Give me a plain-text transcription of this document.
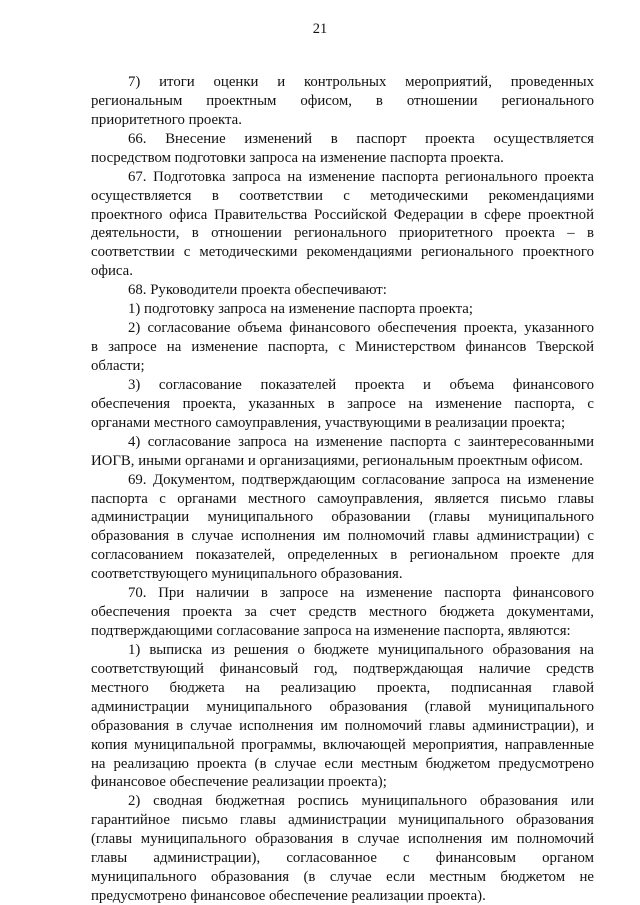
21
7) итоги оценки и контрольных мероприятий, проведенных
региональным проектным офисом, в отношении регионального
приоритетного проекта.
66. Внесение изменений в паспорт проекта осуществляется
посредством подготовки запроса на изменение паспорта проекта.
67. Подготовка запроса на изменение паспорта регионального проекта
осуществляется в соответствии с методическими рекомендациями
проектного офиса Правительства Российской Федерации в сфере проектной
деятельности, в отношении регионального приоритетного проекта – в
соответствии с методическими рекомендациями регионального проектного
офиса.
68. Руководители проекта обеспечивают:
1) подготовку запроса на изменение паспорта проекта;
2) согласование объема финансового обеспечения проекта, указанного
в запросе на изменение паспорта, с Министерством финансов Тверской
области;
3) согласование показателей проекта и объема финансового
обеспечения проекта, указанных в запросе на изменение паспорта, с
органами местного самоуправления, участвующими в реализации проекта;
4) согласование запроса на изменение паспорта с заинтересованными
ИОГВ, иными органами и организациями, региональным проектным офисом.
69. Документом, подтверждающим согласование запроса на изменение
паспорта с органами местного самоуправления, является письмо главы
администрации муниципального образовании (главы муниципального
образования в случае исполнения им полномочий главы администрации) с
согласованием показателей, определенных в региональном проекте для
соответствующего муниципального образования.
70. При наличии в запросе на изменение паспорта финансового
обеспечения проекта за счет средств местного бюджета документами,
подтверждающими согласование запроса на изменение паспорта, являются:
1) выписка из решения о бюджете муниципального образования на
соответствующий финансовый год, подтверждающая наличие средств
местного бюджета на реализацию проекта, подписанная главой
администрации муниципального образования (главой муниципального
образования в случае исполнения им полномочий главы администрации), и
копия муниципальной программы, включающей мероприятия, направленные
на реализацию проекта (в случае если местным бюджетом предусмотрено
финансовое обеспечение реализации проекта);
2) сводная бюджетная роспись муниципального образования или
гарантийное письмо главы администрации муниципального образования
(главы муниципального образования в случае исполнения им полномочий
главы администрации), согласованное с финансовым органом
муниципального образования (в случае если местным бюджетом не
предусмотрено финансовое обеспечение реализации проекта).
